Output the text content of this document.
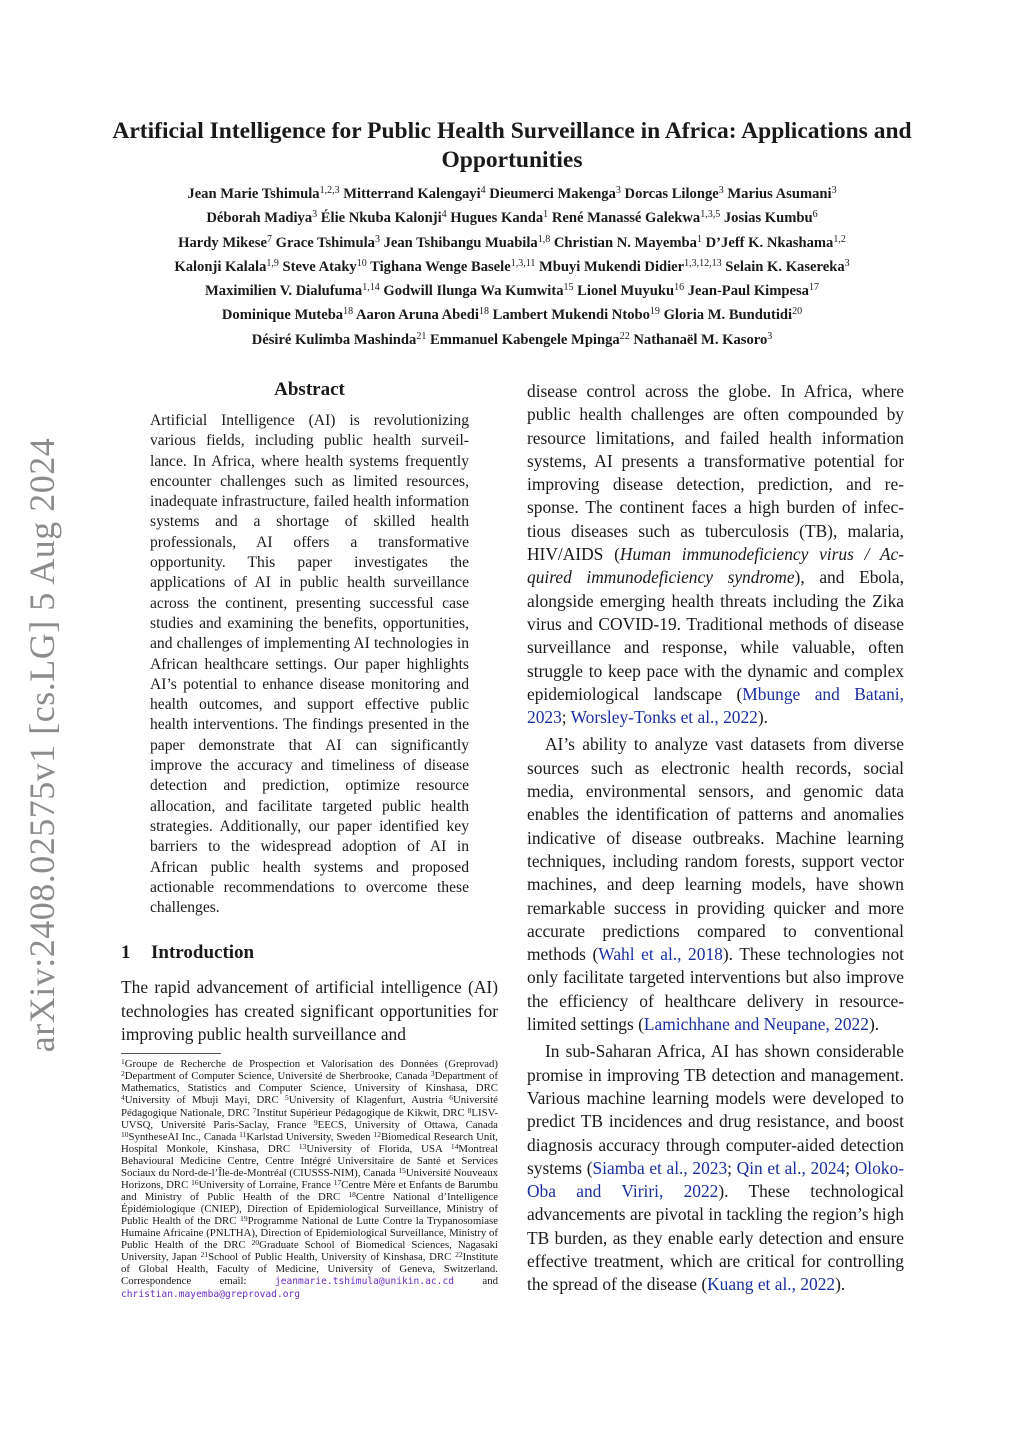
arXiv:2408.02575v1 [cs.LG] 5 Aug 2024
Artificial Intelligence for Public Health Surveillance in Africa: Applications and Opportunities
Jean Marie Tshimula$^{1,2,3}$ Mitterrand Kalengayi$^4$ Dieumerci Makenga$^3$ Dorcas Lilonge$^3$ Marius Asumani$^3$
Déborah Madiya$^3$ Élie Nkuba Kalonji$^4$ Hugues Kanda$^1$ René Manassé Galekwa$^{1,3,5}$ Josias Kumbu$^6$
Hardy Mikese$^7$ Grace Tshimula$^3$ Jean Tshibangu Muabila$^{1,8}$ Christian N. Mayemba$^1$ D’Jeff K. Nkashama$^{1,2}$
Kalonji Kalala$^{1,9}$ Steve Ataky$^{10}$ Tighana Wenge Basele$^{1,3,11}$ Mbuyi Mukendi Didier$^{1,3,12,13}$ Selain K. Kasereka$^3$
Maximilien V. Dialufuma$^{1,14}$ Godwill Ilunga Wa Kumwita$^{15}$ Lionel Muyuku$^{16}$ Jean-Paul Kimpesa$^{17}$
Dominique Muteba$^{18}$ Aaron Aruna Abedi$^{18}$ Lambert Mukendi Ntobo$^{19}$ Gloria M. Bundutidi$^{20}$
Désiré Kulimba Mashinda$^{21}$ Emmanuel Kabengele Mpinga$^{22}$ Nathanaël M. Kasoro$^3$
Abstract
Artificial Intelligence (AI) is revolutionizing various fields, including public health surveillance. In Africa, where health systems frequently encounter challenges such as limited resources, inadequate infrastructure, failed health information systems and a shortage of skilled health professionals, AI offers a transformative opportunity. This paper investigates the applications of AI in public health surveillance across the continent, presenting successful case studies and examining the benefits, opportunities, and challenges of implementing AI technologies in African healthcare settings. Our paper highlights AI’s potential to enhance disease monitoring and health outcomes, and support effective public health interventions. The findings presented in the paper demonstrate that AI can significantly improve the accuracy and timeliness of disease detection and prediction, optimize resource allocation, and facilitate targeted public health strategies. Additionally, our paper identified key barriers to the widespread adoption of AI in African public health systems and proposed actionable recommendations to overcome these challenges.
1 Introduction

The rapid advancement of artificial intelligence (AI) technologies has created significant opportunities for improving public health surveillance and

$^1$Groupe de Recherche de Prospection et Valorisation des Données (Greprovad) $^2$Department of Computer Science, Université de Sherbrooke, Canada $^3$Department of Mathematics, Statistics and Computer Science, University of Kinshasa, DRC $^4$University of Mbuji Mayi, DRC $^5$University of Klagenfurt, Austria $^6$Université Pédagogique Nationale, DRC $^7$Institut Supérieur Pédagogique de Kikwit, DRC $^8$LISV-UVSQ, Université Paris-Saclay, France $^9$EECS, University of Ottawa, Canada $^{10}$SyntheseAI Inc., Canada $^{11}$Karlstad University, Sweden $^{12}$Biomedical Research Unit, Hospital Monkole, Kinshasa, DRC $^{13}$University of Florida, USA $^{14}$Montreal Behavioural Medicine Centre, Centre Intégré Universitaire de Santé et Services Sociaux du Nord-de-l’Île-de-Montréal (CIUSSS-NIM), Canada $^{15}$Université Nouveaux Horizons, DRC $^{16}$University of Lorraine, France $^{17}$Centre Mère et Enfants de Barumbu and Ministry of Public Health of the DRC $^{18}$Centre National d’Intelligence Épidémiologique (CNIEP), Direction of Epidemiological Surveillance, Ministry of Public Health of the DRC $^{19}$Programme National de Lutte Contre la Trypanosomiase Humaine Africaine (PNLTHA), Direction of Epidemiological Surveillance, Ministry of Public Health of the DRC $^{20}$Graduate School of Biomedical Sciences, Nagasaki University, Japan $^{21}$School of Public Health, University of Kinshasa, DRC $^{22}$Institute of Global Health, Faculty of Medicine, University of Geneva, Switzerland. Correspondence email: jeanmarie.tshimula@unikin.ac.cd and christian.mayemba@greprovad.org

disease control across the globe. In Africa, where public health challenges are often compounded by resource limitations, and failed health information systems, AI presents a transformative potential for improving disease detection, prediction, and response. The continent faces a high burden of infectious diseases such as tuberculosis (TB), malaria, HIV/AIDS (Human immunodeficiency virus / Acquired immunodeficiency syndrome), and Ebola, alongside emerging health threats including the Zika virus and COVID-19. Traditional methods of disease surveillance and response, while valuable, often struggle to keep pace with the dynamic and complex epidemiological landscape (Mbunge and Batani, 2023; Worsley-Tonks et al., 2022).

AI’s ability to analyze vast datasets from diverse sources such as electronic health records, social media, environmental sensors, and genomic data enables the identification of patterns and anomalies indicative of disease outbreaks. Machine learning techniques, including random forests, support vector machines, and deep learning models, have shown remarkable success in providing quicker and more accurate predictions compared to conventional methods (Wahl et al., 2018). These technologies not only facilitate targeted interventions but also improve the efficiency of healthcare delivery in resource-limited settings (Lamichhane and Neupane, 2022).

In sub-Saharan Africa, AI has shown considerable promise in improving TB detection and management. Various machine learning models were developed to predict TB incidences and drug resistance, and boost diagnosis accuracy through computer-aided detection systems (Siamba et al., 2023; Qin et al., 2024; Oloko-Oba and Viriri, 2022). These technological advancements are pivotal in tackling the region’s high TB burden, as they enable early detection and ensure effective treatment, which are critical for controlling the spread of the disease (Kuang et al., 2022).
